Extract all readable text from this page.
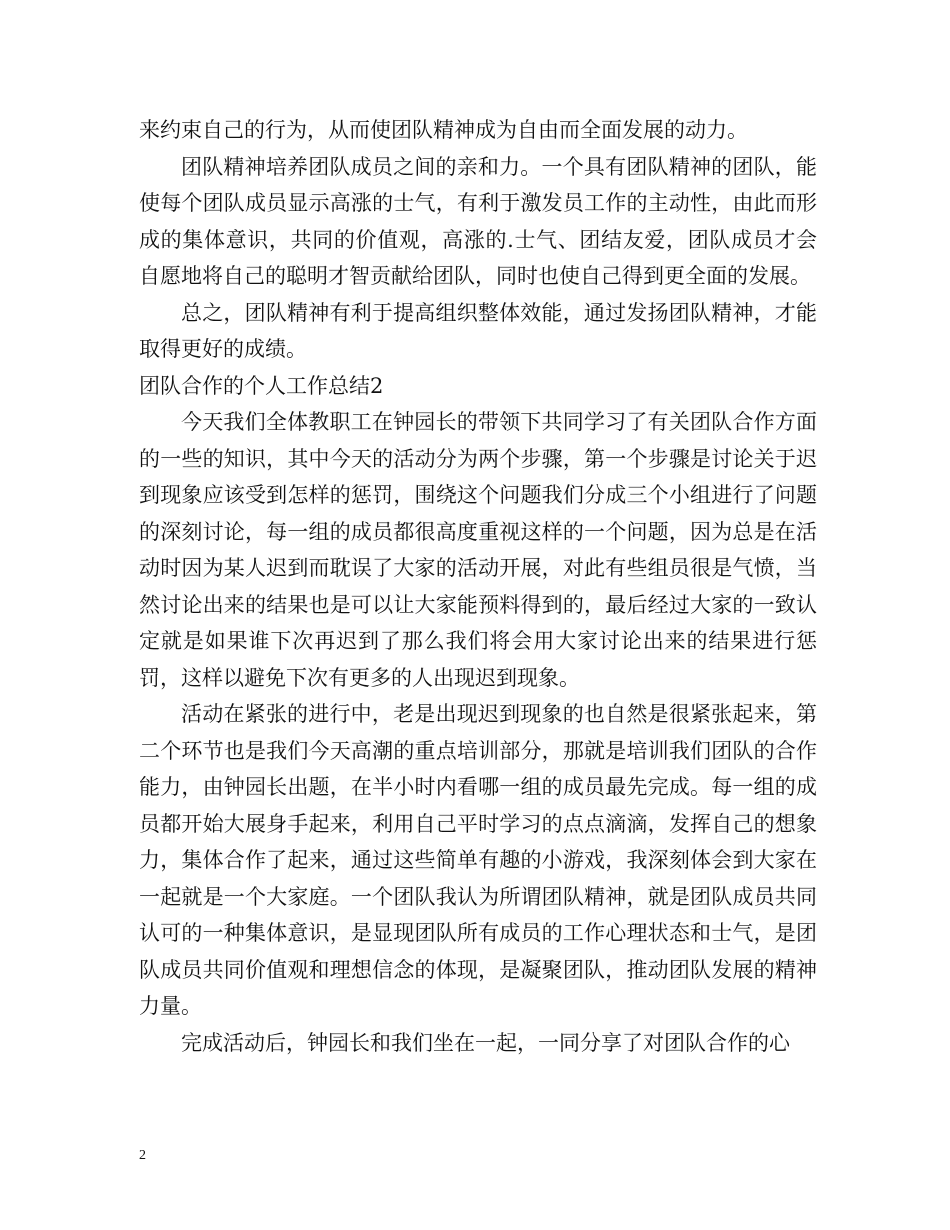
来约束自己的行为，从而使团队精神成为自由而全面发展的动力。

团队精神培养团队成员之间的亲和力。一个具有团队精神的团队，能使每个团队成员显示高涨的士气，有利于激发员工作的主动性，由此而形成的集体意识，共同的价值观，高涨的.士气、团结友爱，团队成员才会自愿地将自己的聪明才智贡献给团队，同时也使自己得到更全面的发展。

总之，团队精神有利于提高组织整体效能，通过发扬团队精神，才能取得更好的成绩。

团队合作的个人工作总结2

今天我们全体教职工在钟园长的带领下共同学习了有关团队合作方面的一些的知识，其中今天的活动分为两个步骤，第一个步骤是讨论关于迟到现象应该受到怎样的惩罚，围绕这个问题我们分成三个小组进行了问题的深刻讨论，每一组的成员都很高度重视这样的一个问题，因为总是在活动时因为某人迟到而耽误了大家的活动开展，对此有些组员很是气愤，当然讨论出来的结果也是可以让大家能预料得到的，最后经过大家的一致认定就是如果谁下次再迟到了那么我们将会用大家讨论出来的结果进行惩罚，这样以避免下次有更多的人出现迟到现象。

活动在紧张的进行中，老是出现迟到现象的也自然是很紧张起来，第二个环节也是我们今天高潮的重点培训部分，那就是培训我们团队的合作能力，由钟园长出题，在半小时内看哪一组的成员最先完成。每一组的成员都开始大展身手起来，利用自己平时学习的点点滴滴，发挥自己的想象力，集体合作了起来，通过这些简单有趣的小游戏，我深刻体会到大家在一起就是一个大家庭。一个团队我认为所谓团队精神，就是团队成员共同认可的一种集体意识，是显现团队所有成员的工作心理状态和士气，是团队成员共同价值观和理想信念的体现，是凝聚团队，推动团队发展的精神力量。

完成活动后，钟园长和我们坐在一起，一同分享了对团队合作的心

2
